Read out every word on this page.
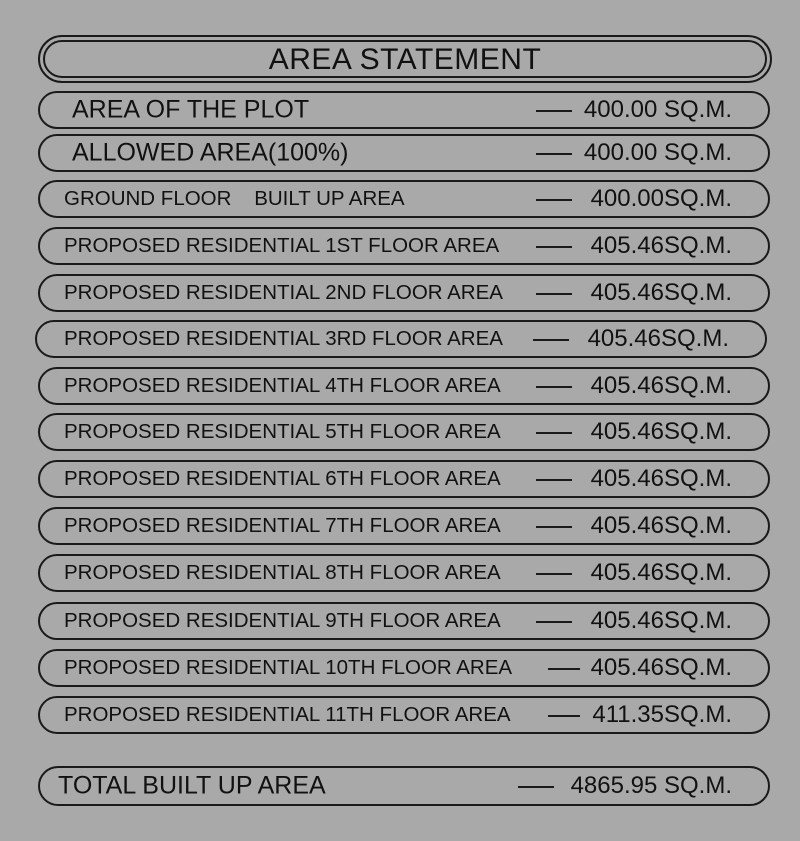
AREA STATEMENT
AREA OF THE PLOT	400.00 SQ.M.
ALLOWED AREA(100%)	400.00 SQ.M.
GROUND FLOOR    BUILT UP AREA	400.00SQ.M.
PROPOSED RESIDENTIAL 1ST FLOOR AREA	405.46SQ.M.
PROPOSED RESIDENTIAL 2ND FLOOR AREA	405.46SQ.M.
PROPOSED RESIDENTIAL 3RD FLOOR AREA	405.46SQ.M.
PROPOSED RESIDENTIAL 4TH FLOOR AREA	405.46SQ.M.
PROPOSED RESIDENTIAL 5TH FLOOR AREA	405.46SQ.M.
PROPOSED RESIDENTIAL 6TH FLOOR AREA	405.46SQ.M.
PROPOSED RESIDENTIAL 7TH FLOOR AREA	405.46SQ.M.
PROPOSED RESIDENTIAL 8TH FLOOR AREA	405.46SQ.M.
PROPOSED RESIDENTIAL 9TH FLOOR AREA	405.46SQ.M.
PROPOSED RESIDENTIAL 10TH FLOOR AREA	405.46SQ.M.
PROPOSED RESIDENTIAL 11TH FLOOR AREA	411.35SQ.M.
TOTAL BUILT UP AREA	4865.95 SQ.M.
